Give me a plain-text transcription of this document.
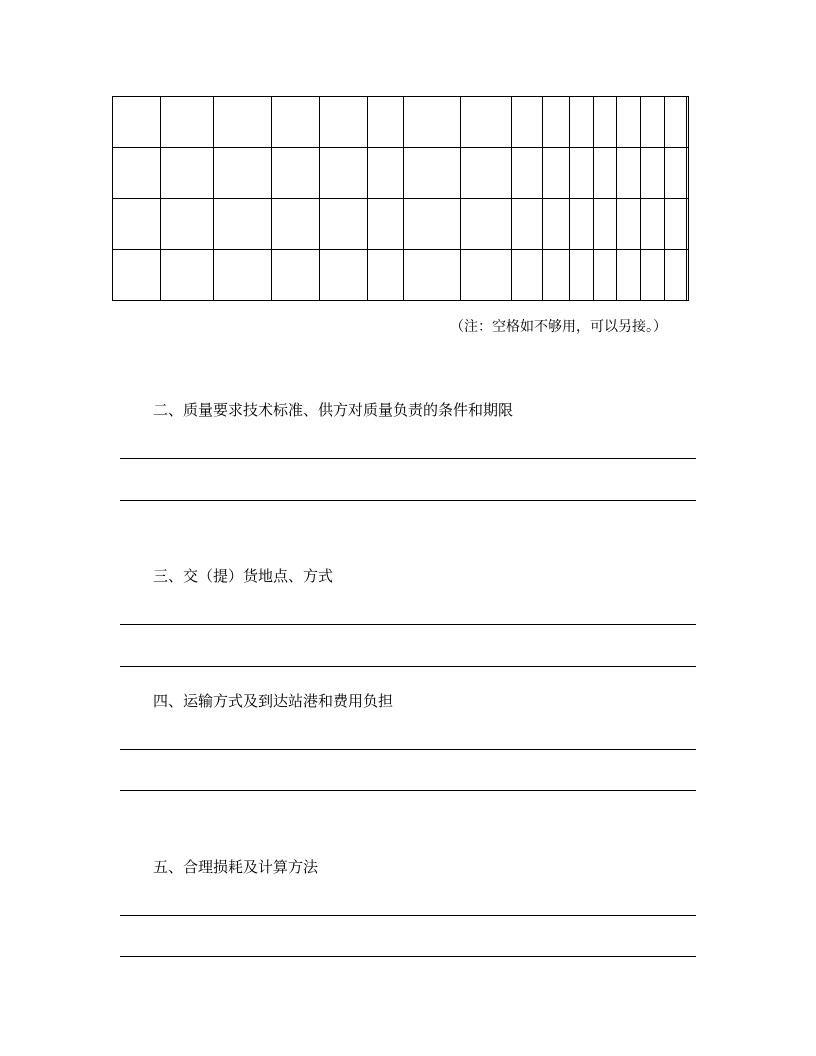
（注：空格如不够用，可以另接。）
二、质量要求技术标准、供方对质量负责的条件和期限
三、交（提）货地点、方式
四、运输方式及到达站港和费用负担
五、合理损耗及计算方法
